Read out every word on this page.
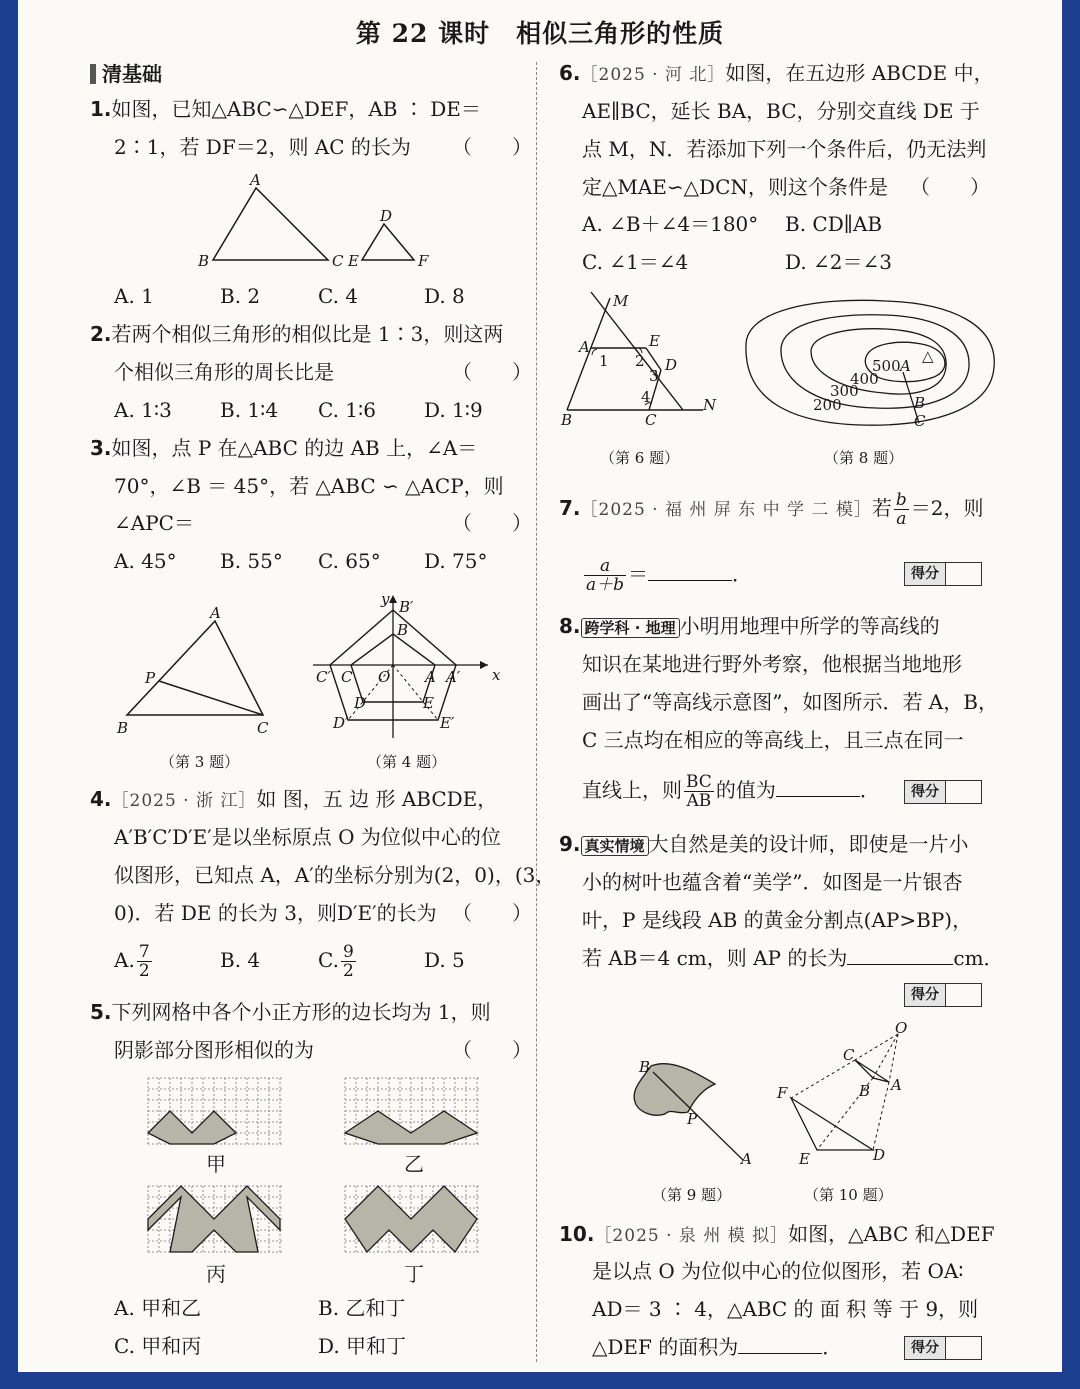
第 22 课时　相似三角形的性质
清基础
1.如图，已知△ABC∽△DEF，AB ∶ DE＝
2∶1，若 DF＝2，则 AC 的长为 （　　）
A
B	C
D
E	F
A. 1	B. 2	C. 4	D. 8
2.若两个相似三角形的相似比是 1∶3，则这两
个相似三角形的周长比是	（　　）
A. 1∶3 B. 1∶4 C. 1∶6 D. 1∶9
3.如图，点 P 在△ABC 的边 AB 上，∠A＝
70°，∠B ＝ 45°，若 △ABC ∽ △ACP，则
∠APC＝	（　　）
A. 45° B. 55° C. 65° D. 75°
A
P
B	C
（第 3 题）
y B′
B
C′ C O A A′ x
D	E
D′	E′
（第 4 题）
4.［2025 · 浙 江］如 图，五 边 形 ABCDE，
A′B′C′D′E′是以坐标原点 O 为位似中心的位
似图形，已知点 A，A′的坐标分别为(2，0)，(3，
0)．若 DE 的长为 3，则D′E′的长为 （　　）
A. $\frac{7}{2}$	B. 4	C. $\frac{9}{2}$	D. 5
5.下列网格中各个小正方形的边长均为 1，则
阴影部分图形相似的为	（　　）
甲	乙
丙	丁
A. 甲和乙	B. 乙和丁
C. 甲和丙	D. 甲和丁
6.［2025 · 河 北］如图，在五边形 ABCDE 中，
AE∥BC，延长 BA，BC，分别交直线 DE 于
点 M，N．若添加下列一个条件后，仍无法判
定△MAE∽△DCN，则这个条件是 （　　）
A. ∠B＋∠4＝180° B. CD∥AB
C. ∠1＝∠4	D. ∠2＝∠3
M
A	E
D
1 2
3
4
B	C
N
（第 6 题）
500
400
300
200
A
B
C
△
（第 8 题）
7.［2025 · 福 州 屏 东 中 学 二 模］若 $\frac{b}{a} =2$，则
$\frac{a}{a+b}$ ＝	．	得分
8. 跨学科 · 地理 小明用地理中所学的等高线的
知识在某地进行野外考察，他根据当地地形
画出了“等高线示意图”，如图所示．若 A，B，
C 三点均在相应的等高线上，且三点在同一
直线上，则 $\frac{BC}{AB}$ 的值为	．	得分
9. 真实情境 大自然是美的设计师，即使是一片小
小的树叶也蕴含着“美学”．如图是一片银杏
叶，P 是线段 AB 的黄金分割点(AP>BP)，
若 AB＝4 cm，则 AP 的长为	cm．
得分
B
P
A
（第 9 题）
O
C
B A
F
E	D
（第 10 题）
10.［2025 · 泉 州 模 拟］如图，△ABC 和△DEF
是以点 O 为位似中心的位似图形，若 OA∶
AD＝ 3 ∶ 4，△ABC 的 面 积 等 于 9，则
△DEF 的面积为	．	得分
